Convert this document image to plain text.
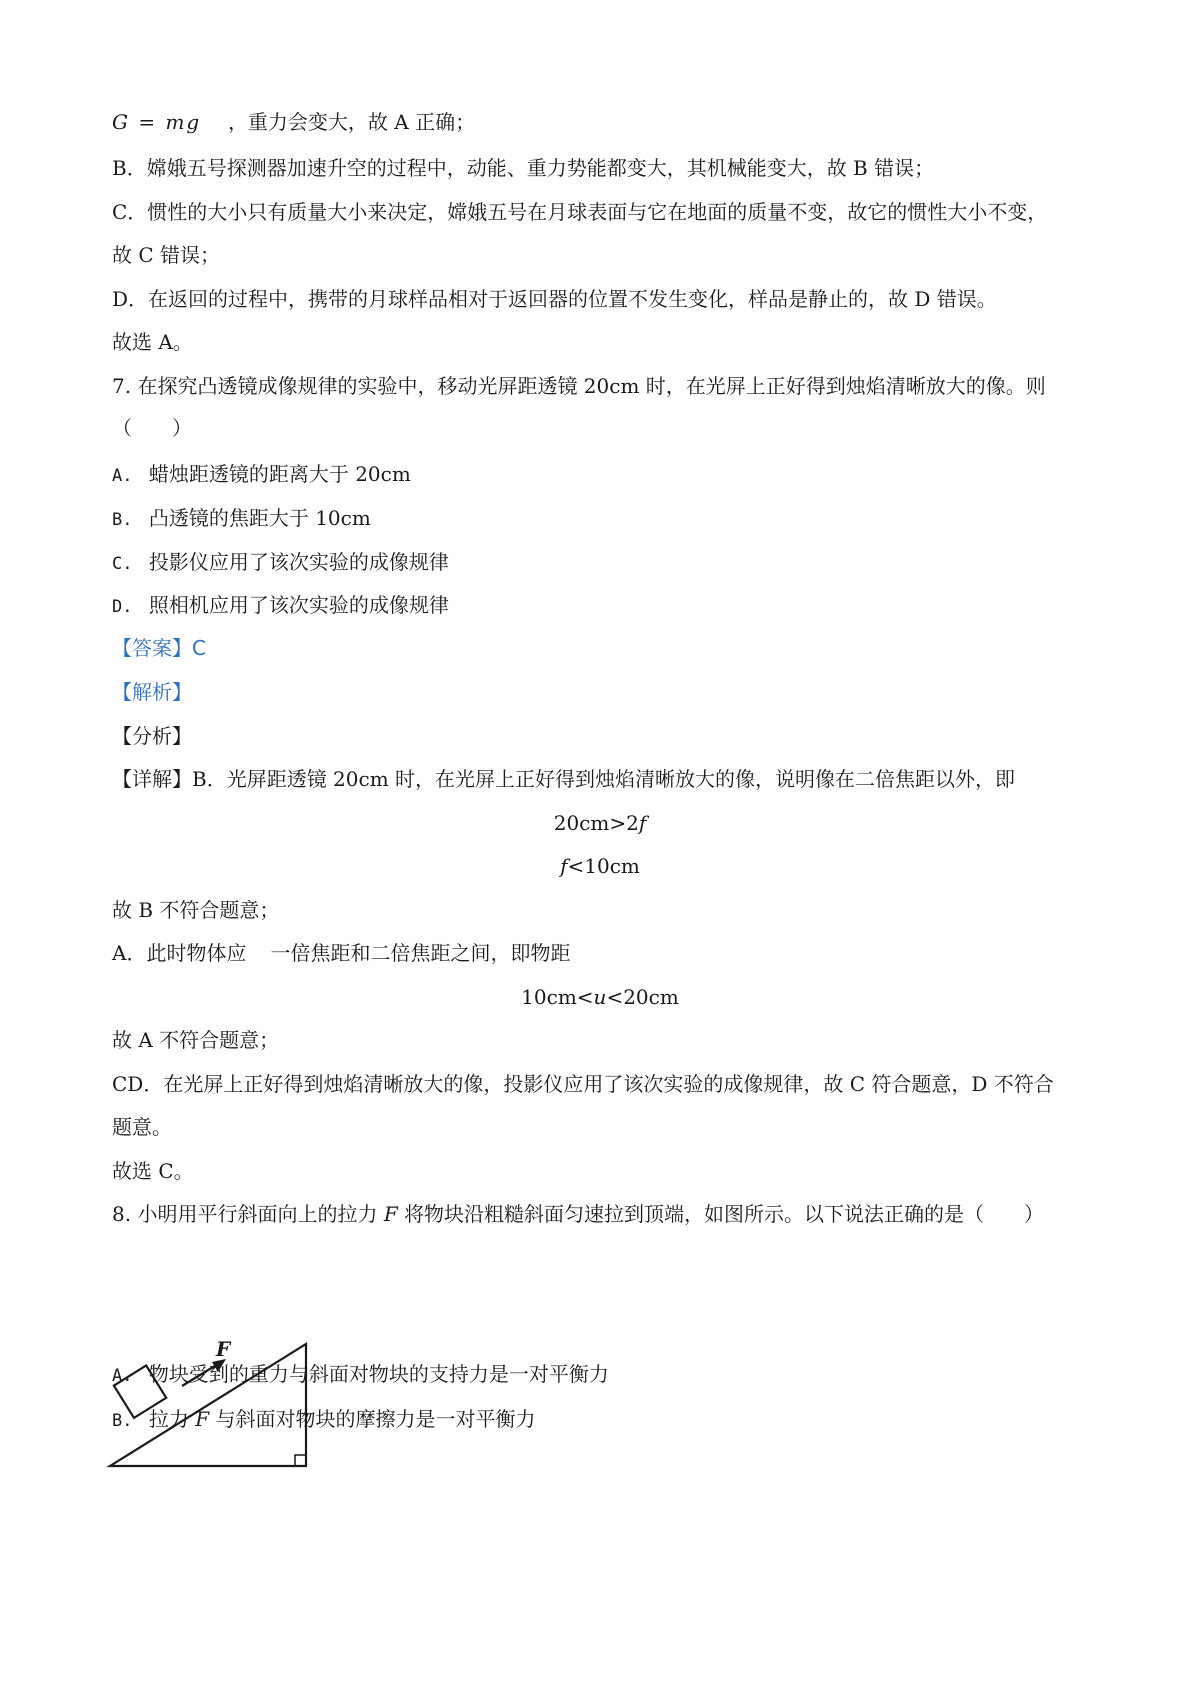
G = mg ，重力会变大，故 A 正确；
B．嫦娥五号探测器加速升空的过程中，动能、重力势能都变大，其机械能变大，故 B 错误；
C．惯性的大小只有质量大小来决定，嫦娥五号在月球表面与它在地面的质量不变，故它的惯性大小不变，
故 C 错误；
D．在返回的过程中，携带的月球样品相对于返回器的位置不发生变化，样品是静止的，故 D 错误。
故选 A。
7. 在探究凸透镜成像规律的实验中，移动光屏距透镜 20cm 时，在光屏上正好得到烛焰清晰放大的像。则
（　　）
A. 蜡烛距透镜的距离大于 20cm
B. 凸透镜的焦距大于 10cm
C. 投影仪应用了该次实验的成像规律
D. 照相机应用了该次实验的成像规律
【答案】C
【解析】
【分析】
【详解】B．光屏距透镜 20cm 时，在光屏上正好得到烛焰清晰放大的像，说明像在二倍焦距以外，即
20cm>2f
f<10cm
故 B 不符合题意；
A．此时物体应 一倍焦距和二倍焦距之间，即物距
10cm<u<20cm
故 A 不符合题意；
CD．在光屏上正好得到烛焰清晰放大的像，投影仪应用了该次实验的成像规律，故 C 符合题意，D 不符合
题意。
故选 C。
8. 小明用平行斜面向上的拉力 F 将物块沿粗糙斜面匀速拉到顶端，如图所示。以下说法正确的是（　　）
F
A. 物块受到的重力与斜面对物块的支持力是一对平衡力
B. 拉力 F 与斜面对物块的摩擦力是一对平衡力
